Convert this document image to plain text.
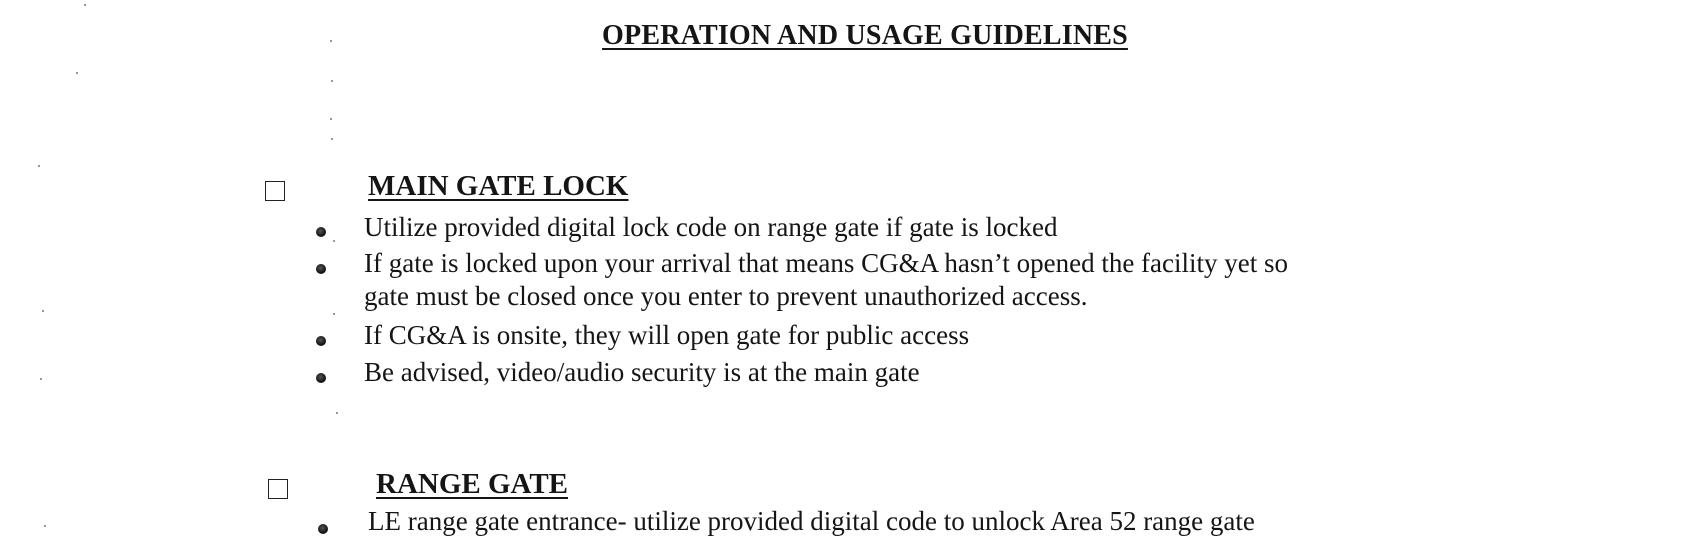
OPERATION AND USAGE GUIDELINES
MAIN GATE LOCK
Utilize provided digital lock code on range gate if gate is locked
If gate is locked upon your arrival that means CG&A hasn’t opened the facility yet so
gate must be closed once you enter to prevent unauthorized access.
If CG&A is onsite, they will open gate for public access
Be advised, video/audio security is at the main gate
RANGE GATE
LE range gate entrance- utilize provided digital code to unlock Area 52 range gate
